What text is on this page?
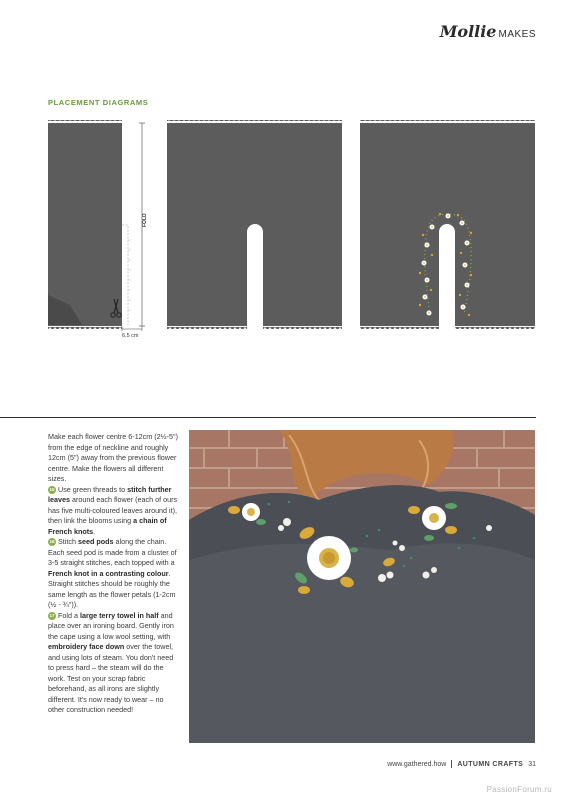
Mollie MAKES
PLACEMENT DIAGRAMS
FOLD
6.5 cm

Make each flower centre 6-12cm (2½-5") from the edge of neckline and roughly 12cm (5") away from the previous flower centre. Make the flowers all different sizes.

15 Use green threads to stitch further leaves around each flower (each of ours has five multi-coloured leaves around it), then link the blooms using a chain of French knots.

16 Stitch seed pods along the chain. Each seed pod is made from a cluster of 3-5 straight stitches, each topped with a French knot in a contrasting colour. Straight stitches should be roughly the same length as the flower petals (1-2cm (½ - ¾")).

17 Fold a large terry towel in half and place over an ironing board. Gently iron the cape using a low wool setting, with embroidery face down over the towel, and using lots of steam. You don't need to press hard – the steam will do the work. Test on your scrap fabric beforehand, as all irons are slightly different. It's now ready to wear – no other construction needed!

www.gathered.how AUTUMN CRAFTS 31
PassionForum.ru
